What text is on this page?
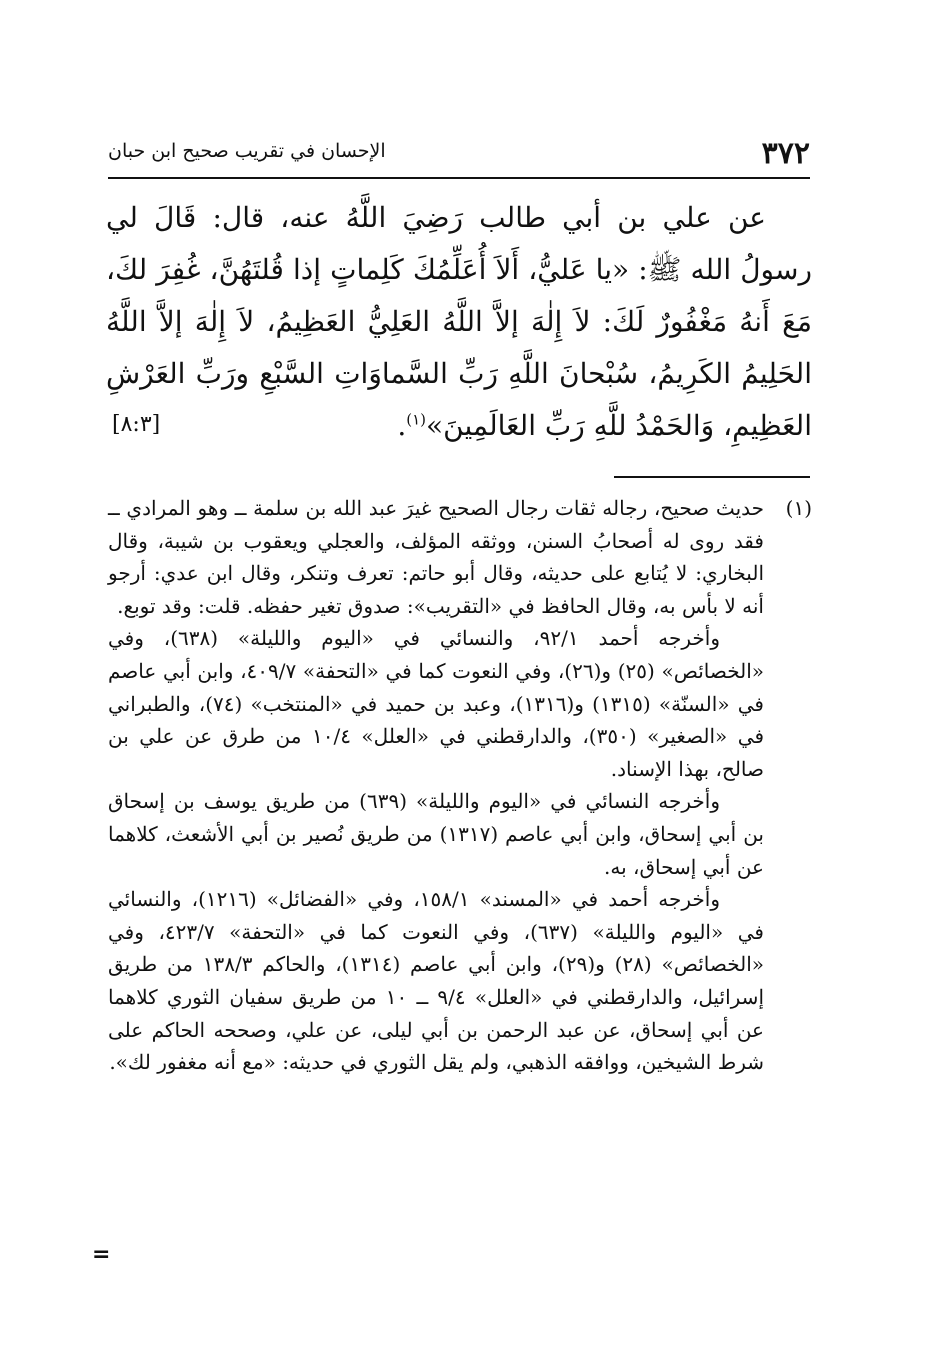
٣٧٢
الإحسان في تقريب صحيح ابن حبان

عن علي بن أبي طالب رَضِيَ اللَّهُ عنه، قال: قَالَ لي رسولُ الله ﷺ: «يا عَليُّ، أَلاَ أُعَلِّمُكَ كَلِماتٍ إذا قُلتَهُنَّ، غُفِرَ لكَ، مَعَ أَنهُ مَغْفُورٌ لَكَ: لاَ إِلٰهَ إلاَّ اللَّهُ العَلِيُّ العَظِيمُ، لاَ إِلٰهَ إلاَّ اللَّهُ الحَلِيمُ الكَرِيمُ، سُبْحانَ اللَّهِ رَبِّ السَّماوَاتِ السَّبْعِ ورَبِّ العَرْشِ العَظِيمِ، وَالحَمْدُ للَّهِ رَبِّ العَالَمِينَ»$^{(١)}$.

[٨:٣]
(١)

حديث صحيح، رجاله ثقات رجال الصحيح غيرَ عبد الله بن سلمة ــ وهو المرادي ــ فقد روى له أصحابُ السنن، ووثقه المؤلف، والعجلي ويعقوب بن شيبة، وقال البخاري: لا يُتابع على حديثه، وقال أبو حاتم: تعرف وتنكر، وقال ابن عدي: أرجو أنه لا بأس به، وقال الحافظ في «التقريب»: صدوق تغير حفظه. قلت: وقد توبع.

وأخرجه أحمد ٩٢/١، والنسائي في «اليوم والليلة» (٦٣٨)، وفي «الخصائص» (٢٥) و(٢٦)، وفي النعوت كما في «التحفة» ٤٠٩/٧، وابن أبي عاصم في «السنّة» (١٣١٥) و(١٣١٦)، وعبد بن حميد في «المنتخب» (٧٤)، والطبراني في «الصغير» (٣٥٠)، والدارقطني في «العلل» ١٠/٤ من طرق عن علي بن صالح، بهذا الإسناد.

وأخرجه النسائي في «اليوم والليلة» (٦٣٩) من طريق يوسف بن إسحاق بن أبي إسحاق، وابن أبي عاصم (١٣١٧) من طريق نُصير بن أبي الأشعث، كلاهما عن أبي إسحاق، به.

وأخرجه أحمد في «المسند» ١٥٨/١، وفي «الفضائل» (١٢١٦)، والنسائي في «اليوم والليلة» (٦٣٧)، وفي النعوت كما في «التحفة» ٤٢٣/٧، وفي «الخصائص» (٢٨) و(٢٩)، وابن أبي عاصم (١٣١٤)، والحاكم ١٣٨/٣ من طريق إسرائيل، والدارقطني في «العلل» ٩/٤ ــ ١٠ من طريق سفيان الثوري كلاهما عن أبي إسحاق، عن عبد الرحمن بن أبي ليلى، عن علي، وصححه الحاكم على شرط الشيخين، ووافقه الذهبي، ولم يقل الثوري في حديثه: «مع أنه مغفور لك».

=
